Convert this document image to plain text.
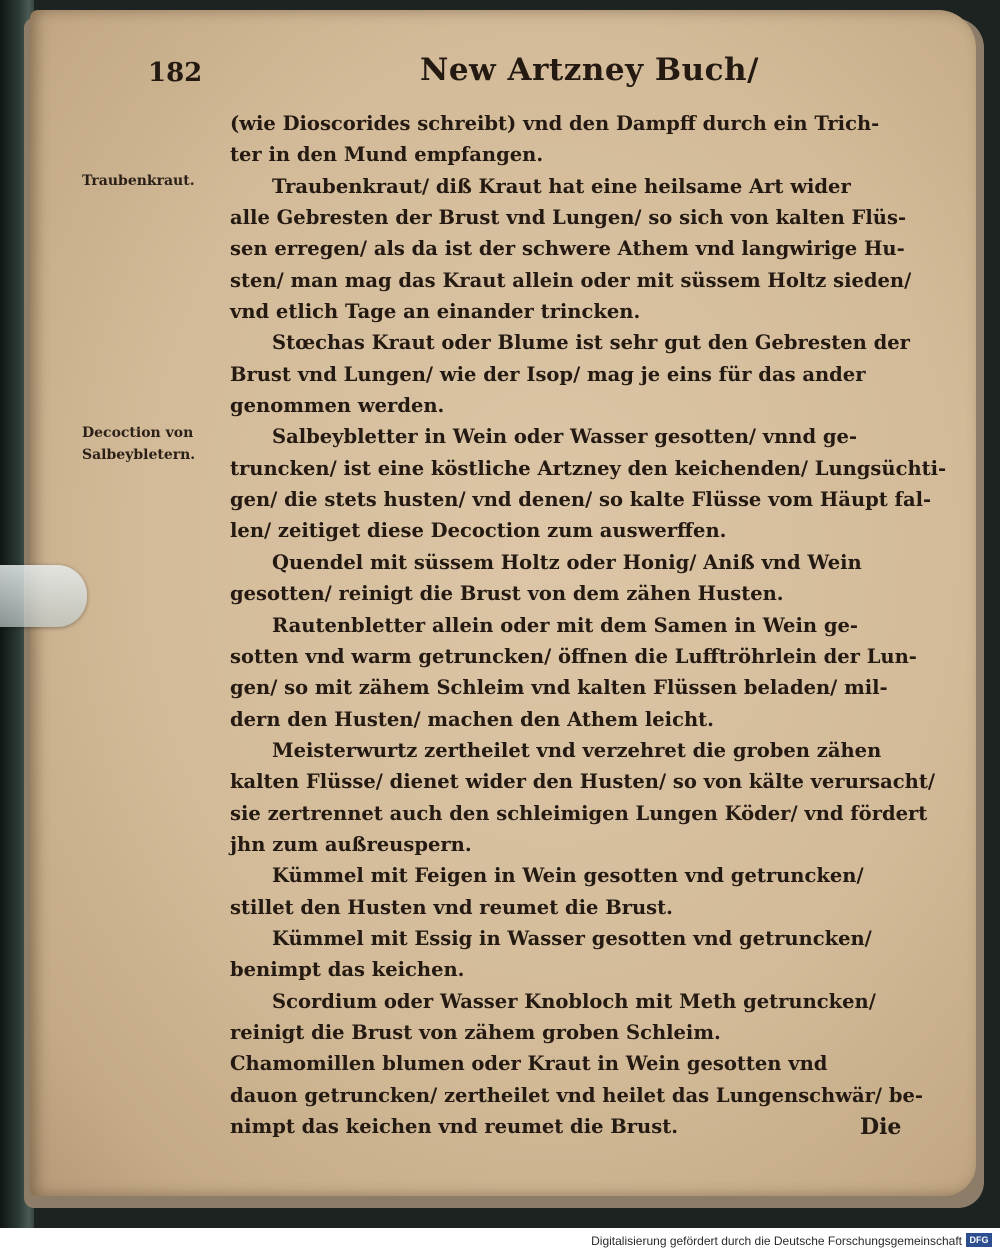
182	New Artzney Buch/
Traubenkraut.
Decoction von
Salbeybletern.
(wie Dioscorides schreibt) vnd den Dampff durch ein Trich-
ter in den Mund empfangen.
Traubenkraut/ diß Kraut hat eine heilsame Art wider
alle Gebresten der Brust vnd Lungen/ so sich von kalten Flüs-
sen erregen/ als da ist der schwere Athem vnd langwirige Hu-
sten/ man mag das Kraut allein oder mit süssem Holtz sieden/
vnd etlich Tage an einander trincken.
Stœchas Kraut oder Blume ist sehr gut den Gebresten der
Brust vnd Lungen/ wie der Isop/ mag je eins für das ander
genommen werden.
Salbeybletter in Wein oder Wasser gesotten/ vnnd ge-
truncken/ ist eine köstliche Artzney den keichenden/ Lungsüchti-
gen/ die stets husten/ vnd denen/ so kalte Flüsse vom Häupt fal-
len/ zeitiget diese Decoction zum auswerffen.
Quendel mit süssem Holtz oder Honig/ Aniß vnd Wein
gesotten/ reinigt die Brust von dem zähen Husten.
Rautenbletter allein oder mit dem Samen in Wein ge-
sotten vnd warm getruncken/ öffnen die Lufftröhrlein der Lun-
gen/ so mit zähem Schleim vnd kalten Flüssen beladen/ mil-
dern den Husten/ machen den Athem leicht.
Meisterwurtz zertheilet vnd verzehret die groben zähen
kalten Flüsse/ dienet wider den Husten/ so von kälte verursacht/
sie zertrennet auch den schleimigen Lungen Köder/ vnd fördert
jhn zum außreuspern.
Kümmel mit Feigen in Wein gesotten vnd getruncken/
stillet den Husten vnd reumet die Brust.
Kümmel mit Essig in Wasser gesotten vnd getruncken/
benimpt das keichen.
Scordium oder Wasser Knobloch mit Meth getruncken/
reinigt die Brust von zähem groben Schleim.
Chamomillen blumen oder Kraut in Wein gesotten vnd
dauon getruncken/ zertheilet vnd heilet das Lungenschwär/ be-
nimpt das keichen vnd reumet die Brust.	Die
Digitalisierung gefördert durch die Deutsche Forschungsgemeinschaft DFG
